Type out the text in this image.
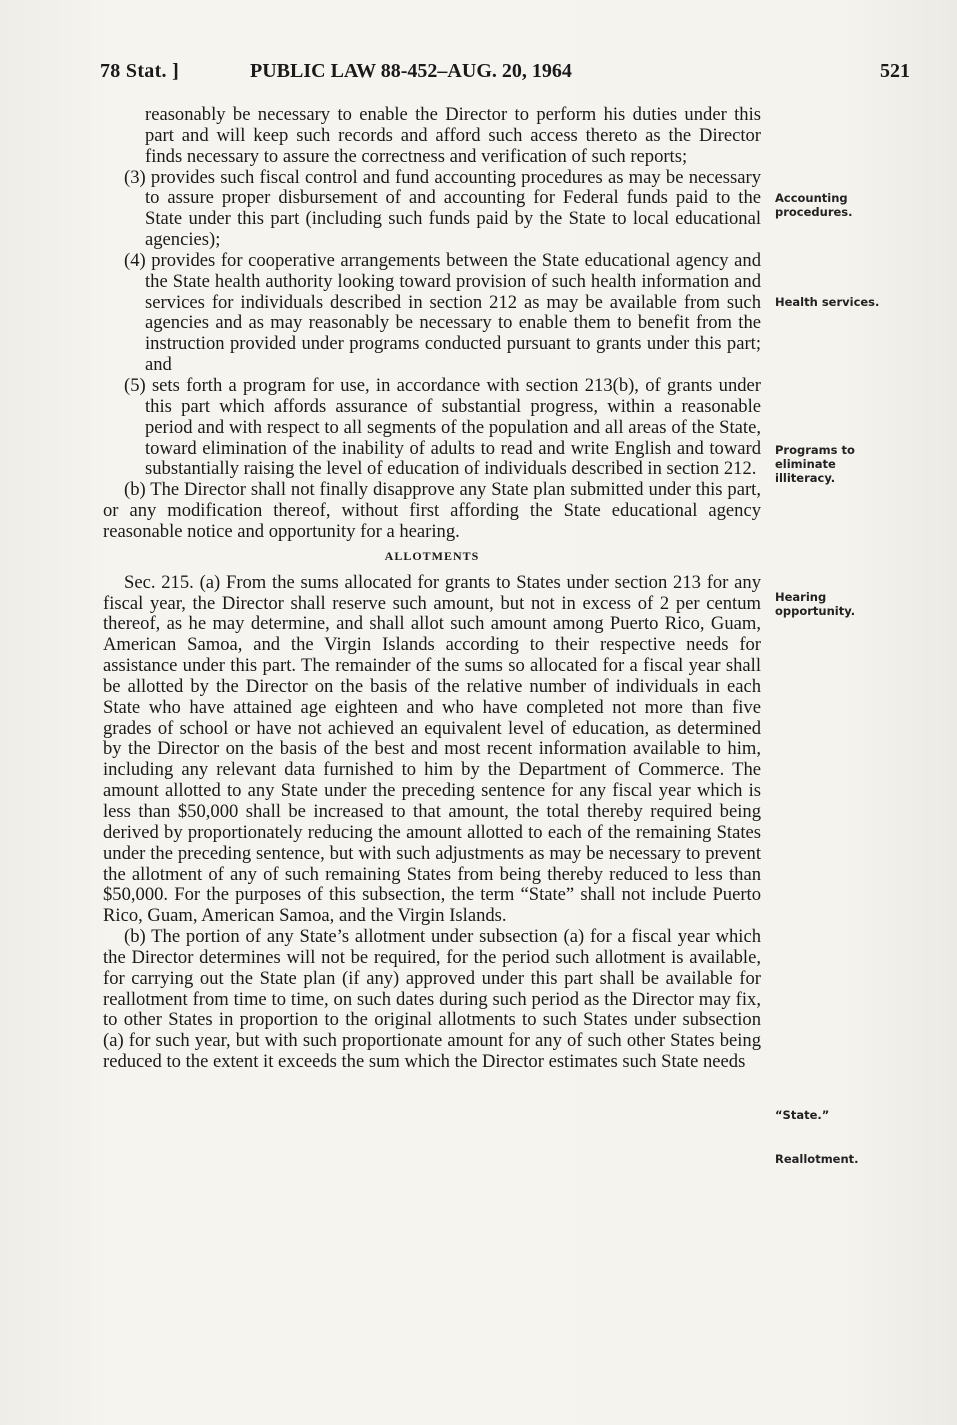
78 Stat. ]	PUBLIC LAW 88-452–AUG. 20, 1964	521

reasonably be necessary to enable the Director to perform his duties under this part and will keep such records and afford such access thereto as the Director finds necessary to assure the correctness and verification of such reports;

(3) provides such fiscal control and fund accounting procedures as may be necessary to assure proper disbursement of and accounting for Federal funds paid to the State under this part (including such funds paid by the State to local educational agencies);

(4) provides for cooperative arrangements between the State educational agency and the State health authority looking toward provision of such health information and services for individuals described in section 212 as may be available from such agencies and as may reasonably be necessary to enable them to benefit from the instruction provided under programs conducted pursuant to grants under this part; and

(5) sets forth a program for use, in accordance with section 213(b), of grants under this part which affords assurance of substantial progress, within a reasonable period and with respect to all segments of the population and all areas of the State, toward elimination of the inability of adults to read and write English and toward substantially raising the level of education of individuals described in section 212.

(b) The Director shall not finally disapprove any State plan submitted under this part, or any modification thereof, without first affording the State educational agency reasonable notice and opportunity for a hearing.

ALLOTMENTS

Sec. 215. (a) From the sums allocated for grants to States under section 213 for any fiscal year, the Director shall reserve such amount, but not in excess of 2 per centum thereof, as he may determine, and shall allot such amount among Puerto Rico, Guam, American Samoa, and the Virgin Islands according to their respective needs for assistance under this part. The remainder of the sums so allocated for a fiscal year shall be allotted by the Director on the basis of the relative number of individuals in each State who have attained age eighteen and who have completed not more than five grades of school or have not achieved an equivalent level of education, as determined by the Director on the basis of the best and most recent information available to him, including any relevant data furnished to him by the Department of Commerce. The amount allotted to any State under the preceding sentence for any fiscal year which is less than $50,000 shall be increased to that amount, the total thereby required being derived by proportionately reducing the amount allotted to each of the remaining States under the preceding sentence, but with such adjustments as may be necessary to prevent the allotment of any of such remaining States from being thereby reduced to less than $50,000. For the purposes of this subsection, the term “State” shall not include Puerto Rico, Guam, American Samoa, and the Virgin Islands.

(b) The portion of any State’s allotment under subsection (a) for a fiscal year which the Director determines will not be required, for the period such allotment is available, for carrying out the State plan (if any) approved under this part shall be available for reallotment from time to time, on such dates during such period as the Director may fix, to other States in proportion to the original allotments to such States under subsection (a) for such year, but with such proportionate amount for any of such other States being reduced to the extent it exceeds the sum which the Director estimates such State needs

Accounting procedures.
Health services.
Programs to eliminate illiteracy.
Hearing opportunity.
“State.”
Reallotment.
